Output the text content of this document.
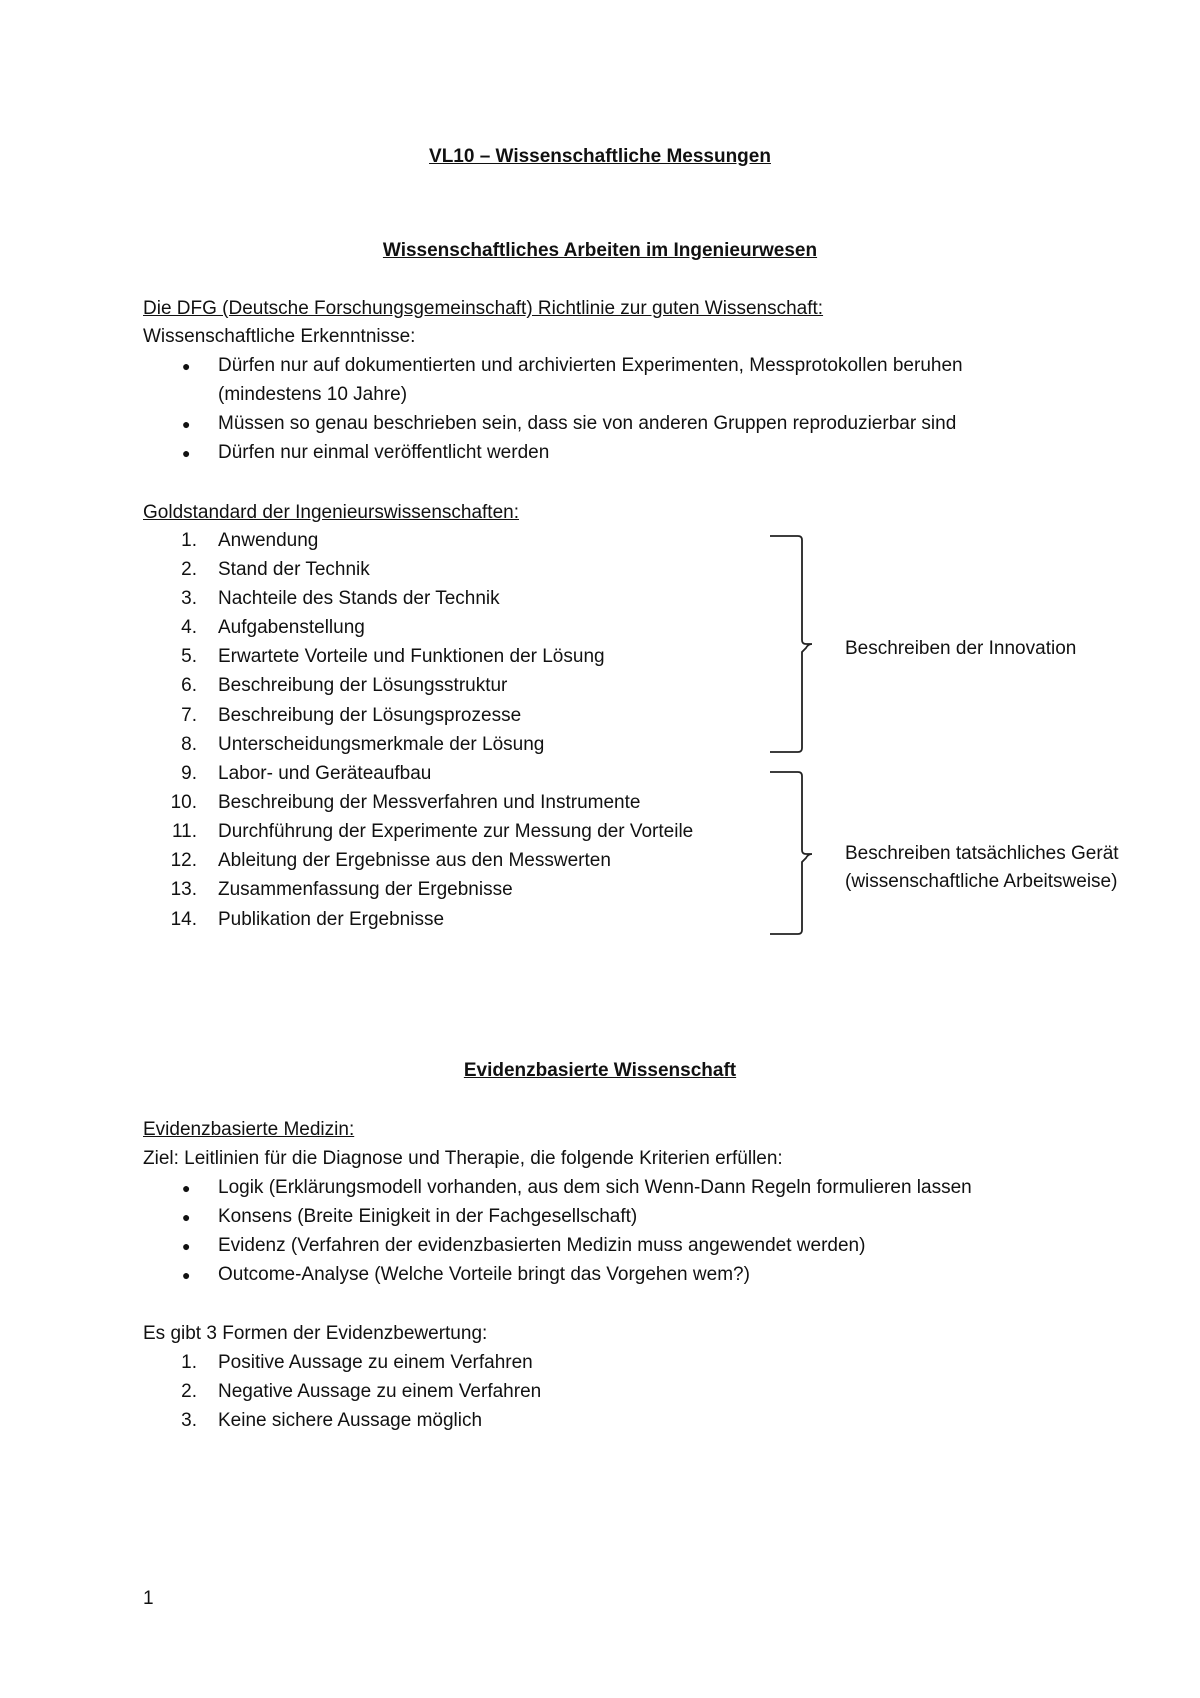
VL10 – Wissenschaftliche Messungen
Wissenschaftliches Arbeiten im Ingenieurwesen
Die DFG (Deutsche Forschungsgemeinschaft) Richtlinie zur guten Wissenschaft:
Wissenschaftliche Erkenntnisse:
● Dürfen nur auf dokumentierten und archivierten Experimenten, Messprotokollen beruhen
(mindestens 10 Jahre)
● Müssen so genau beschrieben sein, dass sie von anderen Gruppen reproduzierbar sind
● Dürfen nur einmal veröffentlicht werden
Goldstandard der Ingenieurswissenschaften:
1. Anwendung
2. Stand der Technik
3. Nachteile des Stands der Technik
4. Aufgabenstellung
5. Erwartete Vorteile und Funktionen der Lösung
6. Beschreibung der Lösungsstruktur
7. Beschreibung der Lösungsprozesse
8. Unterscheidungsmerkmale der Lösung
9. Labor- und Geräteaufbau
10. Beschreibung der Messverfahren und Instrumente
11. Durchführung der Experimente zur Messung der Vorteile
12. Ableitung der Ergebnisse aus den Messwerten
13. Zusammenfassung der Ergebnisse
14. Publikation der Ergebnisse
Beschreiben der Innovation
Beschreiben tatsächliches Gerät
(wissenschaftliche Arbeitsweise)
Evidenzbasierte Wissenschaft
Evidenzbasierte Medizin:
Ziel: Leitlinien für die Diagnose und Therapie, die folgende Kriterien erfüllen:
● Logik (Erklärungsmodell vorhanden, aus dem sich Wenn-Dann Regeln formulieren lassen
● Konsens (Breite Einigkeit in der Fachgesellschaft)
● Evidenz (Verfahren der evidenzbasierten Medizin muss angewendet werden)
● Outcome-Analyse (Welche Vorteile bringt das Vorgehen wem?)
Es gibt 3 Formen der Evidenzbewertung:
1. Positive Aussage zu einem Verfahren
2. Negative Aussage zu einem Verfahren
3. Keine sichere Aussage möglich
1
